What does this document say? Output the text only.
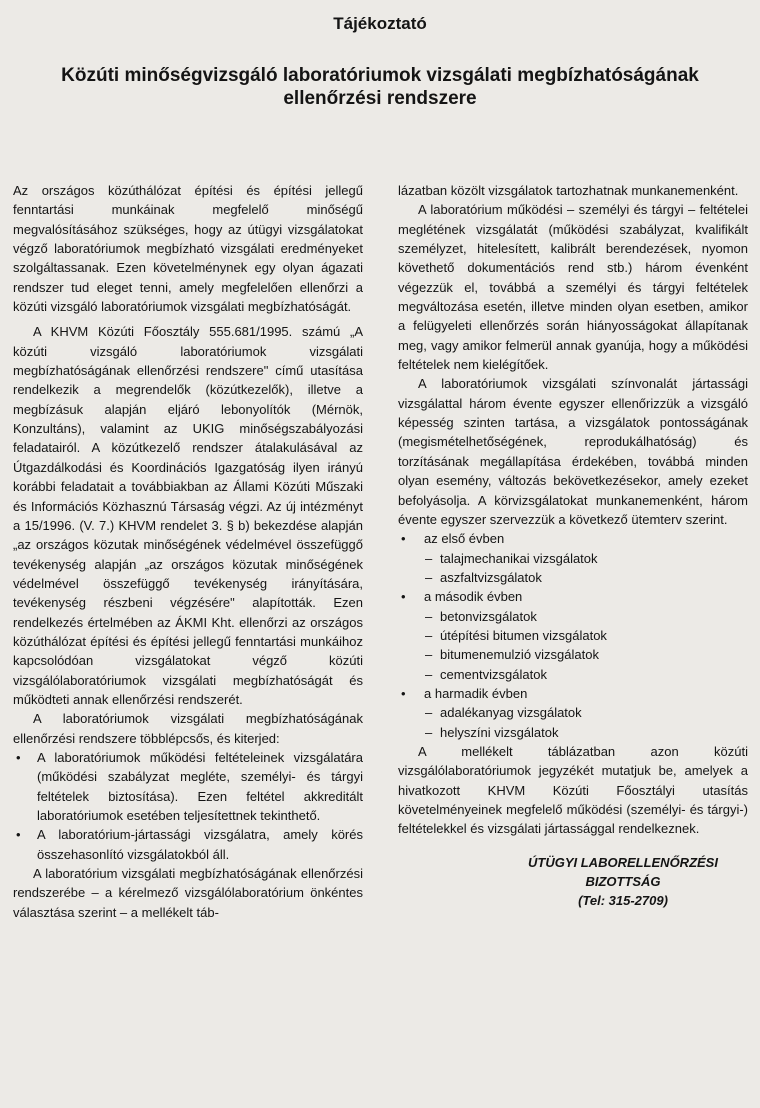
Tájékoztató
Közúti minőségvizsgáló laboratóriumok vizsgálati megbízhatóságának ellenőrzési rendszere

Az országos közúthálózat építési és építési jellegű fenntartási munkáinak megfelelő minőségű megvalósításához szükséges, hogy az útügyi vizsgálatokat végző laboratóriumok megbízható vizsgálati eredményeket szolgáltassanak. Ezen követelménynek egy olyan ágazati rendszer tud eleget tenni, amely megfelelően ellenőrzi a közúti vizsgáló laboratóriumok vizsgálati megbízhatóságát.

A KHVM Közúti Főosztály 555.681/1995. számú „A közúti vizsgáló laboratóriumok vizsgálati megbízhatóságának ellenőrzési rendszere" című utasítása rendelkezik a megrendelők (közútkezelők), illetve a megbízásuk alapján eljáró lebonyolítók (Mérnök, Konzultáns), valamint az UKIG minőségszabályozási feladatairól. A közútkezelő rendszer átalakulásával az Útgazdálkodási és Koordinációs Igazgatóság ilyen irányú korábbi feladatait a továbbiakban az Állami Közúti Műszaki és Információs Közhasznú Társaság végzi. Az új intézményt a 15/1996. (V. 7.) KHVM rendelet 3. § b) bekezdése alapján „az országos közutak minőségének védelmével összefüggő tevékenység alapján „az országos közutak minőségének védelmével összefüggő tevékenység irányítására, tevékenység részbeni végzésére" alapították. Ezen rendelkezés értelmében az ÁKMI Kht. ellenőrzi az országos közúthálózat építési és építési jellegű fenntartási munkáihoz kapcsolódóan vizsgálatokat végző közúti vizsgálólaboratóriumok vizsgálati megbízhatóságát és működteti annak ellenőrzési rendszerét.

A laboratóriumok vizsgálati megbízhatóságának ellenőrzési rendszere többlépcsős, és kiterjed:

• A laboratóriumok működési feltételeinek vizsgálatára (működési szabályzat megléte, személyi- és tárgyi feltételek biztosítása). Ezen feltétel akkreditált laboratóriumok esetében teljesítettnek tekinthető.
• A laboratórium-jártassági vizsgálatra, amely körés összehasonlító vizsgálatokból áll.

A laboratórium vizsgálati megbízhatóságának ellenőrzési rendszerébe – a kérelmező vizsgálólaboratórium önkéntes választása szerint – a mellékelt táb-

lázatban közölt vizsgálatok tartozhatnak munkanemenként.

A laboratórium működési – személyi és tárgyi – feltételei meglétének vizsgálatát (működési szabályzat, kvalifikált személyzet, hitelesített, kalibrált berendezések, nyomon követhető dokumentációs rend stb.) három évenként végezzük el, továbbá a személyi és tárgyi feltételek megváltozása esetén, illetve minden olyan esetben, amikor a felügyeleti ellenőrzés során hiányosságokat állapítanak meg, vagy amikor felmerül annak gyanúja, hogy a működési feltételek nem kielégítőek.

A laboratóriumok vizsgálati színvonalát jártassági vizsgálattal három évente egyszer ellenőrizzük a vizsgáló képesség szinten tartása, a vizsgálatok pontosságának (megismételhetőségének, reprodukálhatóság) és torzításának megállapítása érdekében, továbbá minden olyan esemény, változás bekövetkezésekor, amely ezeket befolyásolja. A körvizsgálatokat munkanemenként, három évente egyszer szervezzük a következő ütemterv szerint.

• az első évben
– talajmechanikai vizsgálatok
– aszfaltvizsgálatok
• a második évben
– betonvizsgálatok
– útépítési bitumen vizsgálatok
– bitumenemulzió vizsgálatok
– cementvizsgálatok
• a harmadik évben
– adalékanyag vizsgálatok
– helyszíni vizsgálatok

A mellékelt táblázatban azon közúti vizsgálólaboratóriumok jegyzékét mutatjuk be, amelyek a hivatkozott KHVM Közúti Főosztályi utasítás követelményeinek megfelelő működési (személyi- és tárgyi-) feltételekkel és vizsgálati jártassággal rendelkeznek.

ÚTÜGYI LABORELLENŐRZÉSI
BIZOTTSÁG
(Tel: 315-2709)
